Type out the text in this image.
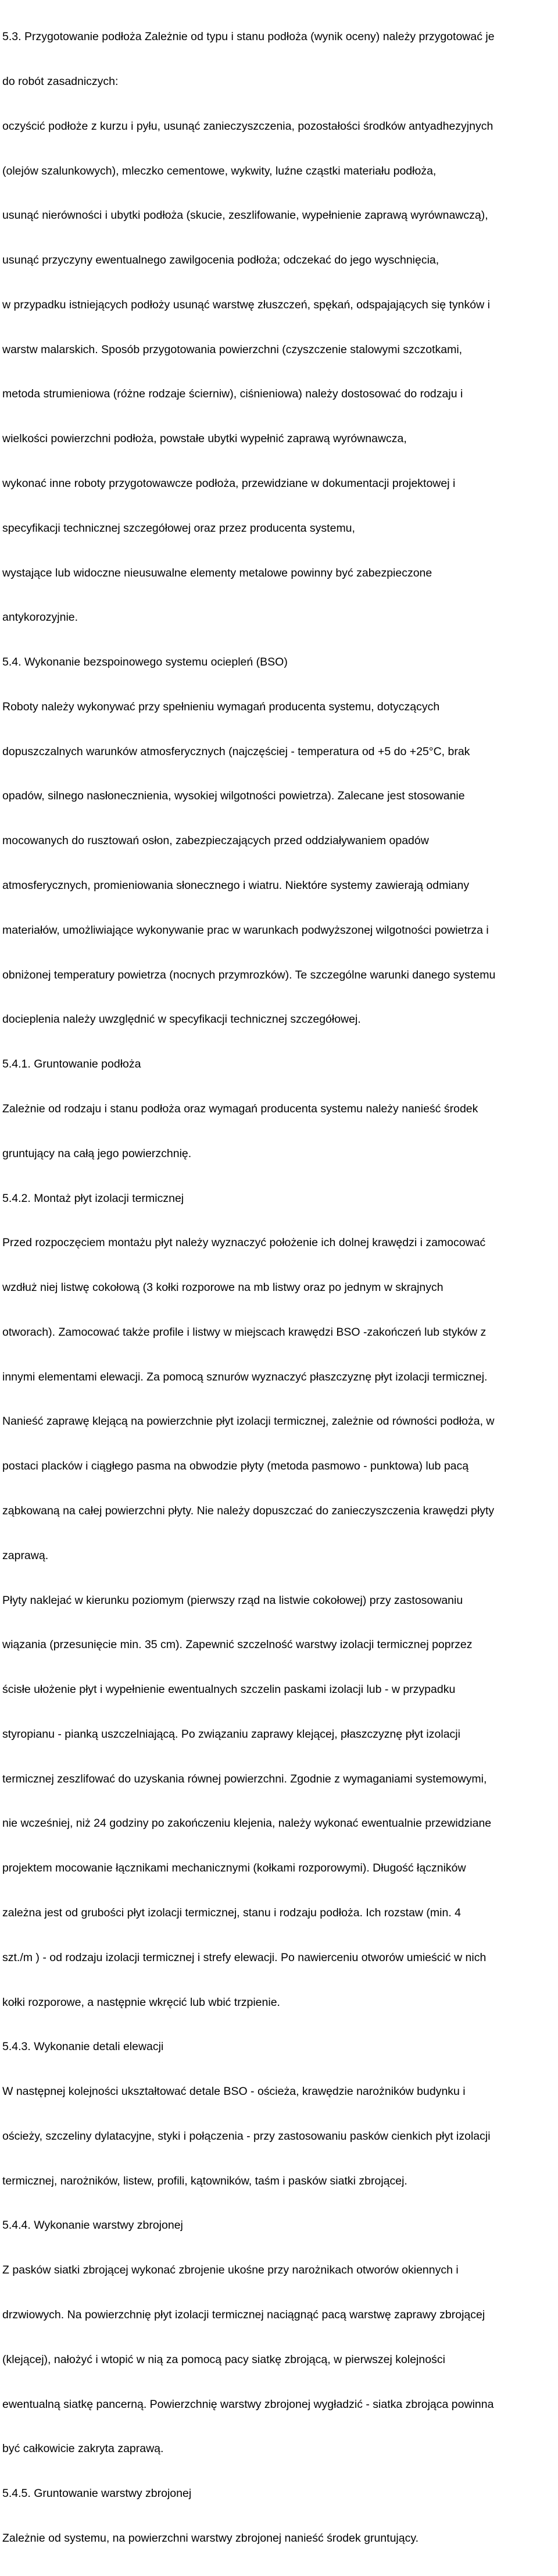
5.3. Przygotowanie podłoża Zależnie od typu i stanu podłoża (wynik oceny) należy przygotować je

do robót zasadniczych:

oczyścić podłoże z kurzu i pyłu, usunąć zanieczyszczenia, pozostałości środków antyadhezyjnych

(olejów szalunkowych), mleczko cementowe, wykwity, luźne cząstki materiału podłoża,

usunąć nierówności i ubytki podłoża (skucie, zeszlifowanie, wypełnienie zaprawą wyrównawczą),

usunąć przyczyny ewentualnego zawilgocenia podłoża; odczekać do jego wyschnięcia,

w przypadku istniejących podłoży usunąć warstwę złuszczeń, spękań, odspajających się tynków i

warstw malarskich. Sposób przygotowania powierzchni (czyszczenie stalowymi szczotkami,

metoda strumieniowa (różne rodzaje ścierniw), ciśnieniowa) należy dostosować do rodzaju i

wielkości powierzchni podłoża, powstałe ubytki wypełnić zaprawą wyrównawcza,

wykonać inne roboty przygotowawcze podłoża, przewidziane w dokumentacji projektowej i

specyfikacji technicznej szczegółowej oraz przez producenta systemu,

wystające lub widoczne nieusuwalne elementy metalowe powinny być zabezpieczone

antykorozyjnie.

5.4. Wykonanie bezspoinowego systemu ociepleń (BSO)

Roboty należy wykonywać przy spełnieniu wymagań producenta systemu, dotyczących

dopuszczalnych warunków atmosferycznych (najczęściej - temperatura od +5 do +25°C, brak

opadów, silnego nasłonecznienia, wysokiej wilgotności powietrza). Zalecane jest stosowanie

mocowanych do rusztowań osłon, zabezpieczających przed oddziaływaniem opadów

atmosferycznych, promieniowania słonecznego i wiatru. Niektóre systemy zawierają odmiany

materiałów, umożliwiające wykonywanie prac w warunkach podwyższonej wilgotności powietrza i

obniżonej temperatury powietrza (nocnych przymrozków). Te szczególne warunki danego systemu

docieplenia należy uwzględnić w specyfikacji technicznej szczegółowej.

5.4.1. Gruntowanie podłoża

Zależnie od rodzaju i stanu podłoża oraz wymagań producenta systemu należy nanieść środek

gruntujący na całą jego powierzchnię.

5.4.2. Montaż płyt izolacji termicznej

Przed rozpoczęciem montażu płyt należy wyznaczyć położenie ich dolnej krawędzi i zamocować

wzdłuż niej listwę cokołową (3 kołki rozporowe na mb listwy oraz po jednym w skrajnych

otworach). Zamocować także profile i listwy w miejscach krawędzi BSO -zakończeń lub styków z

innymi elementami elewacji. Za pomocą sznurów wyznaczyć płaszczyznę płyt izolacji termicznej.

Nanieść zaprawę klejącą na powierzchnie płyt izolacji termicznej, zależnie od równości podłoża, w

postaci placków i ciągłego pasma na obwodzie płyty (metoda pasmowo - punktowa) lub pacą

ząbkowaną na całej powierzchni płyty. Nie należy dopuszczać do zanieczyszczenia krawędzi płyty

zaprawą.

Płyty naklejać w kierunku poziomym (pierwszy rząd na listwie cokołowej) przy zastosowaniu

wiązania (przesunięcie min. 35 cm). Zapewnić szczelność warstwy izolacji termicznej poprzez

ścisłe ułożenie płyt i wypełnienie ewentualnych szczelin paskami izolacji lub - w przypadku

styropianu - pianką uszczelniającą. Po związaniu zaprawy klejącej, płaszczyznę płyt izolacji

termicznej zeszlifować do uzyskania równej powierzchni. Zgodnie z wymaganiami systemowymi,

nie wcześniej, niż 24 godziny po zakończeniu klejenia, należy wykonać ewentualnie przewidziane

projektem mocowanie łącznikami mechanicznymi (kołkami rozporowymi). Długość łączników

zależna jest od grubości płyt izolacji termicznej, stanu i rodzaju podłoża. Ich rozstaw (min. 4

szt./m ) - od rodzaju izolacji termicznej i strefy elewacji. Po nawierceniu otworów umieścić w nich

kołki rozporowe, a następnie wkręcić lub wbić trzpienie.

5.4.3. Wykonanie detali elewacji

W następnej kolejności ukształtować detale BSO - ościeża, krawędzie narożników budynku i

ościeży, szczeliny dylatacyjne, styki i połączenia - przy zastosowaniu pasków cienkich płyt izolacji

termicznej, narożników, listew, profili, kątowników, taśm i pasków siatki zbrojącej.

5.4.4. Wykonanie warstwy zbrojonej

Z pasków siatki zbrojącej wykonać zbrojenie ukośne przy narożnikach otworów okiennych i

drzwiowych. Na powierzchnię płyt izolacji termicznej naciągnąć pacą warstwę zaprawy zbrojącej

(klejącej), nałożyć i wtopić w nią za pomocą pacy siatkę zbrojącą, w pierwszej kolejności

ewentualną siatkę pancerną. Powierzchnię warstwy zbrojonej wygładzić - siatka zbrojąca powinna

być całkowicie zakryta zaprawą.

5.4.5. Gruntowanie warstwy zbrojonej

Zależnie od systemu, na powierzchni warstwy zbrojonej nanieść środek gruntujący.
